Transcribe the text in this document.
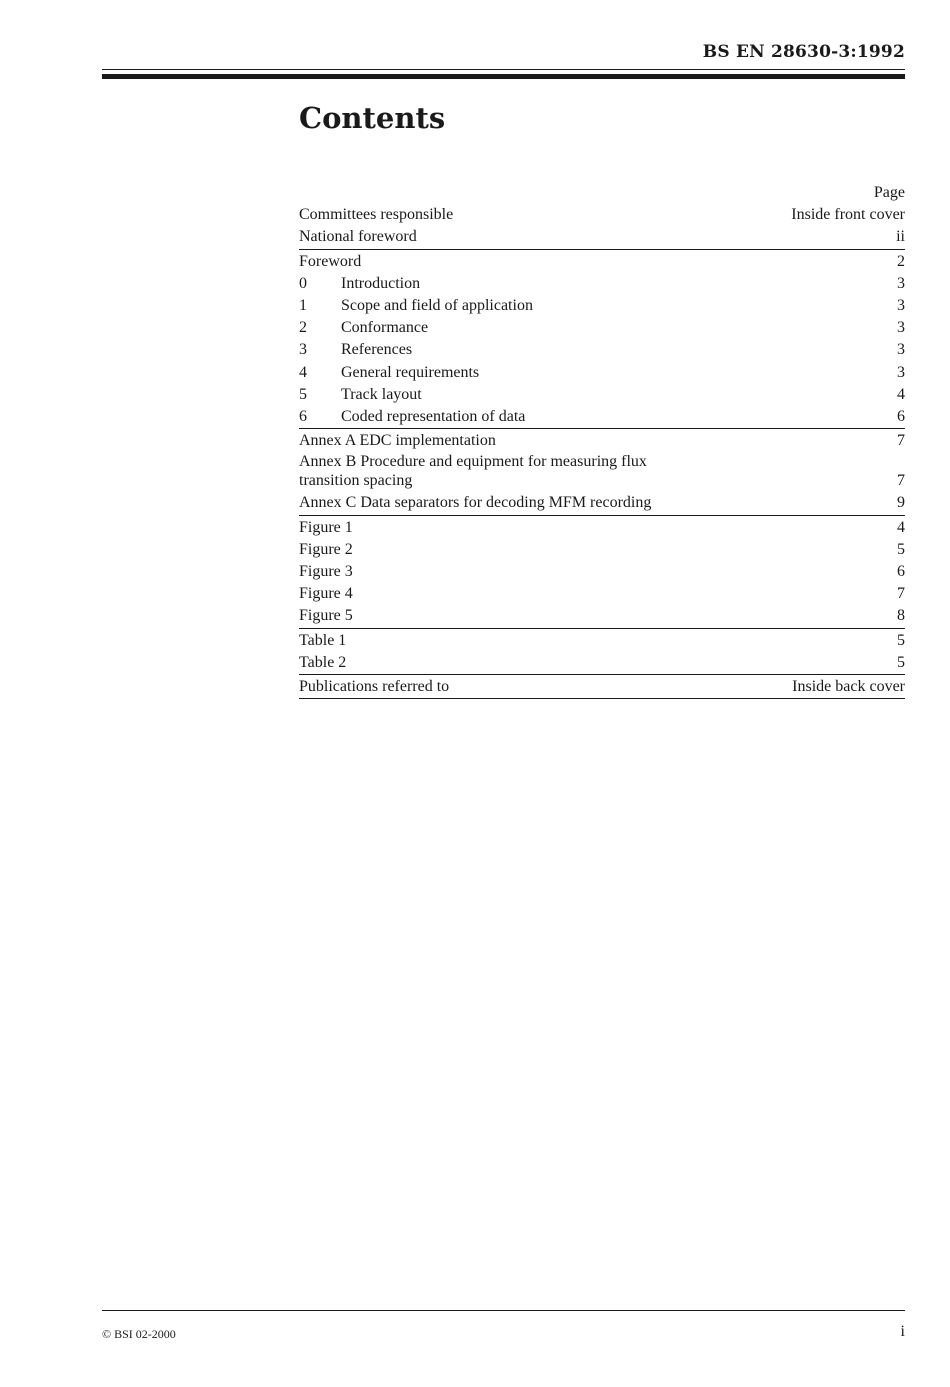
BS EN 28630-3:1992
Contents
Page
Committees responsible	Inside front cover
National foreword	ii
Foreword	2
0	Introduction	3
1	Scope and field of application	3
2	Conformance	3
3	References	3
4	General requirements	3
5	Track layout	4
6	Coded representation of data	6
Annex A EDC implementation	7
Annex B Procedure and equipment for measuring flux
transition spacing	7
Annex C Data separators for decoding MFM recording	9
Figure 1	4
Figure 2	5
Figure 3	6
Figure 4	7
Figure 5	8
Table 1	5
Table 2	5
Publications referred to	Inside back cover
© BSI 02-2000	i
